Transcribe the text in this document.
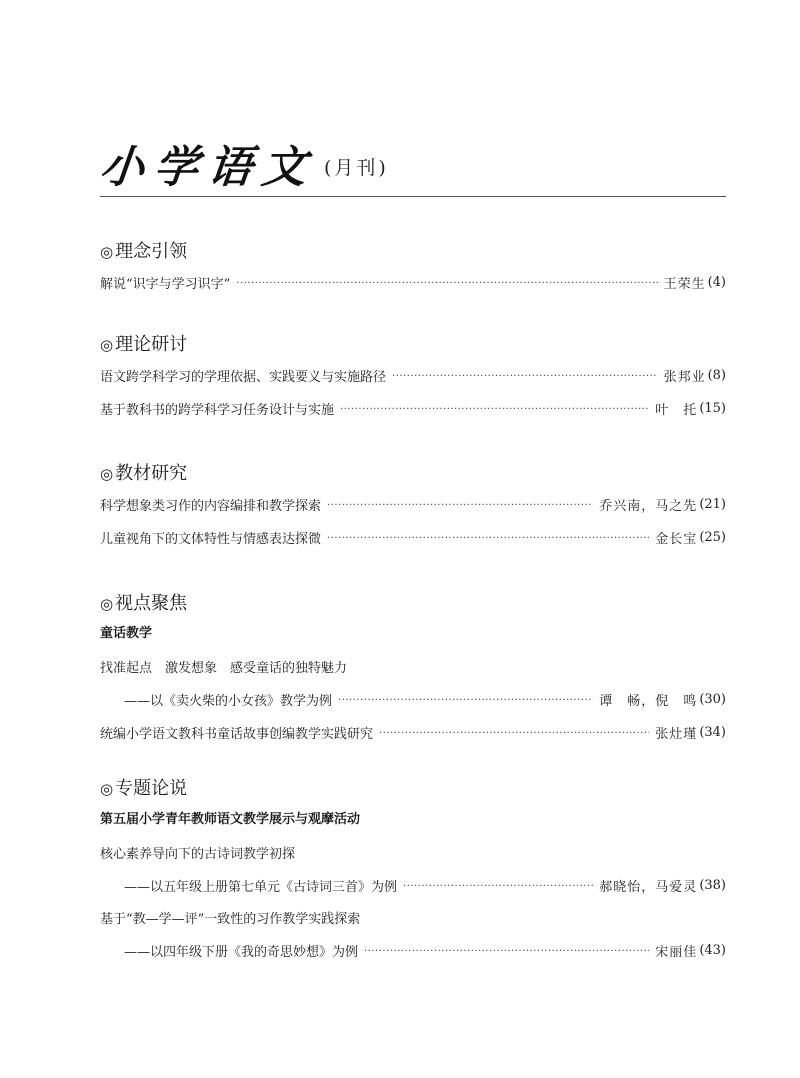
小学语文 (月刊)
◎ 理念引领
解说“识字与学习识字” ·····	王荣生 (4)
◎ 理论研讨
语文跨学科学习的学理依据、实践要义与实施路径 ·····	张邦业 (8)
基于教科书的跨学科学习任务设计与实施 ·····	叶　托 (15)
◎ 教材研究
科学想象类习作的内容编排和教学探索 ·····	乔兴南，马之先 (21)
儿童视角下的文体特性与情感表达探微 ·····	金长宝 (25)
◎ 视点聚焦
童话教学
找准起点　激发想象　感受童话的独特魅力
——以《卖火柴的小女孩》教学为例 ·····	谭　畅，倪　鸣 (30)
统编小学语文教科书童话故事创编教学实践研究 ·····	张灶瑾 (34)
◎ 专题论说
第五届小学青年教师语文教学展示与观摩活动
核心素养导向下的古诗词教学初探
——以五年级上册第七单元《古诗词三首》为例 ·····	郝晓怡，马爱灵 (38)
基于“教—学—评”一致性的习作教学实践探索
——以四年级下册《我的奇思妙想》为例 ·····	宋丽佳 (43)
